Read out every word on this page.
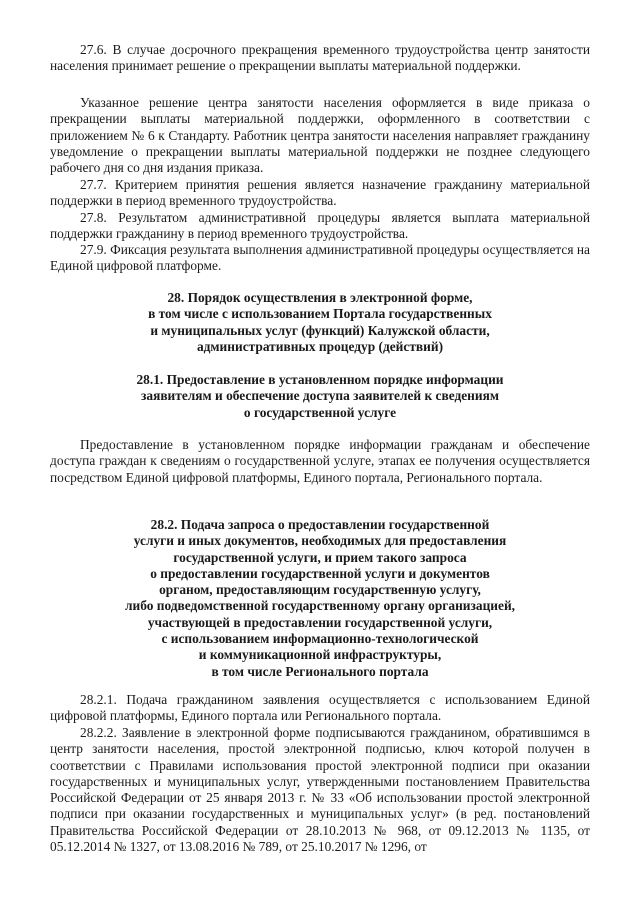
27.6. В случае досрочного прекращения временного трудоустройства центр занятости населения принимает решение о прекращении выплаты материальной поддержки.

Указанное решение центра занятости населения оформляется в виде приказа о прекращении выплаты материальной поддержки, оформленного в соответствии с приложением № 6 к Стандарту. Работник центра занятости населения направляет гражданину уведомление о прекращении выплаты материальной поддержки не позднее следующего рабочего дня со дня издания приказа.

27.7. Критерием принятия решения является назначение гражданину материальной поддержки в период временного трудоустройства.

27.8. Результатом административной процедуры является выплата материальной поддержки гражданину в период временного трудоустройства.

27.9. Фиксация результата выполнения административной процедуры осуществляется на Единой цифровой платформе.

28. Порядок осуществления в электронной форме,

в том числе с использованием Портала государственных

и муниципальных услуг (функций) Калужской области,

административных процедур (действий)

28.1. Предоставление в установленном порядке информации

заявителям и обеспечение доступа заявителей к сведениям

о государственной услуге

Предоставление в установленном порядке информации гражданам и обеспечение доступа граждан к сведениям о государственной услуге, этапах ее получения осуществляется посредством Единой цифровой платформы, Единого портала, Регионального портала.

28.2. Подача запроса о предоставлении государственной

услуги и иных документов, необходимых для предоставления

государственной услуги, и прием такого запроса

о предоставлении государственной услуги и документов

органом, предоставляющим государственную услугу,

либо подведомственной государственному органу организацией,

участвующей в предоставлении государственной услуги,

с использованием информационно-технологической

и коммуникационной инфраструктуры,

в том числе Регионального портала

28.2.1. Подача гражданином заявления осуществляется с использованием Единой цифровой платформы, Единого портала или Регионального портала.

28.2.2. Заявление в электронной форме подписываются гражданином, обратившимся в центр занятости населения, простой электронной подписью, ключ которой получен в соответствии с Правилами использования простой электронной подписи при оказании государственных и муниципальных услуг, утвержденными постановлением Правительства Российской Федерации от 25 января 2013 г. № 33 «Об использовании простой электронной подписи при оказании государственных и муниципальных услуг» (в ред. постановлений Правительства Российской Федерации от 28.10.2013 № 968, от 09.12.2013 № 1135, от 05.12.2014 № 1327, от 13.08.2016 № 789, от 25.10.2017 № 1296, от
